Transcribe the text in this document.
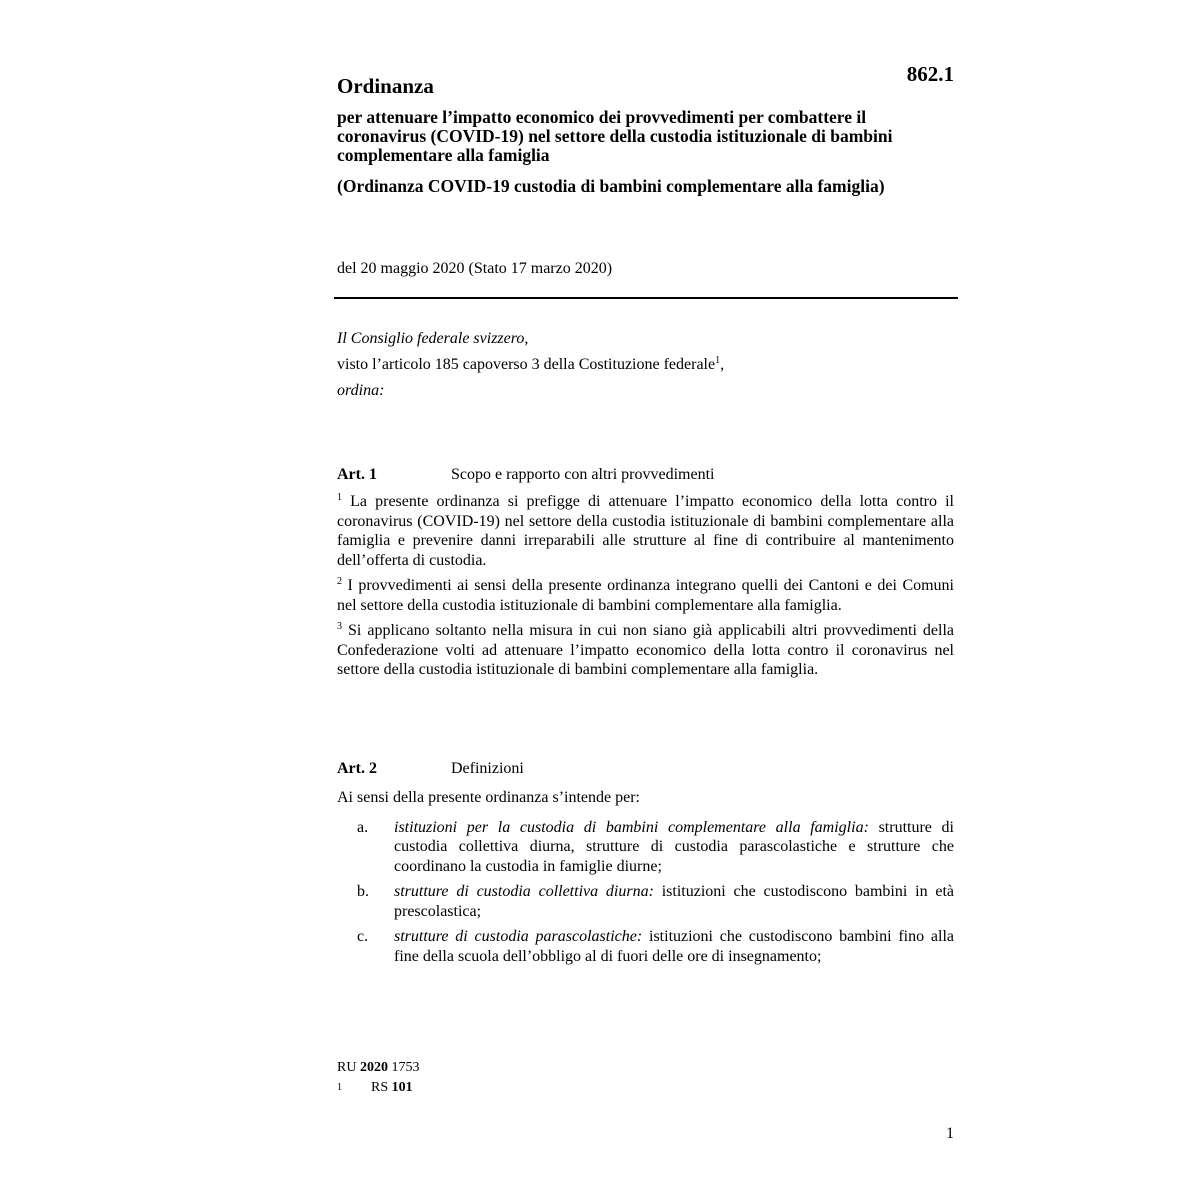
862.1
Ordinanza
per attenuare l’impatto economico dei provvedimenti per combattere il coronavirus (COVID-19) nel settore della custodia istituzionale di bambini complementare alla famiglia
(Ordinanza COVID-19 custodia di bambini complementare alla famiglia)
del 20 maggio 2020 (Stato 17 marzo 2020)

Il Consiglio federale svizzero,

visto l’articolo 185 capoverso 3 della Costituzione federale$^1$,

ordina:

Art. 1	Scopo e rapporto con altri provvedimenti

$^1$ La presente ordinanza si prefigge di attenuare l’impatto economico della lotta contro il coronavirus (COVID-19) nel settore della custodia istituzionale di bambini complementare alla famiglia e prevenire danni irreparabili alle strutture al fine di contribuire al mantenimento dell’offerta di custodia.

$^2$ I provvedimenti ai sensi della presente ordinanza integrano quelli dei Cantoni e dei Comuni nel settore della custodia istituzionale di bambini complementare alla famiglia.

$^3$ Si applicano soltanto nella misura in cui non siano già applicabili altri provvedimenti della Confederazione volti ad attenuare l’impatto economico della lotta contro il coronavirus nel settore della custodia istituzionale di bambini complementare alla famiglia.

Art. 2	Definizioni

Ai sensi della presente ordinanza s’intende per:

a. istituzioni per la custodia di bambini complementare alla famiglia: strutture di custodia collettiva diurna, strutture di custodia parascolastiche e strutture che coordinano la custodia in famiglie diurne;
b. strutture di custodia collettiva diurna: istituzioni che custodiscono bambini in età prescolastica;
c. strutture di custodia parascolastiche: istituzioni che custodiscono bambini fino alla fine della scuola dell’obbligo al di fuori delle ore di insegnamento;
RU 2020 1753
1	RS 101
1
